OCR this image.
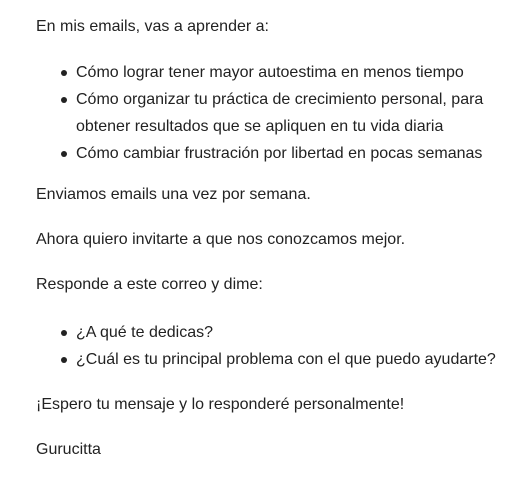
En mis emails, vas a aprender a:

Cómo lograr tener mayor autoestima en menos tiempo
Cómo organizar tu práctica de crecimiento personal, para obtener resultados que se apliquen en tu vida diaria
Cómo cambiar frustración por libertad en pocas semanas

Enviamos emails una vez por semana.

Ahora quiero invitarte a que nos conozcamos mejor.

Responde a este correo y dime:

¿A qué te dedicas?
¿Cuál es tu principal problema con el que puedo ayudarte?

¡Espero tu mensaje y lo responderé personalmente!

Gurucitta
